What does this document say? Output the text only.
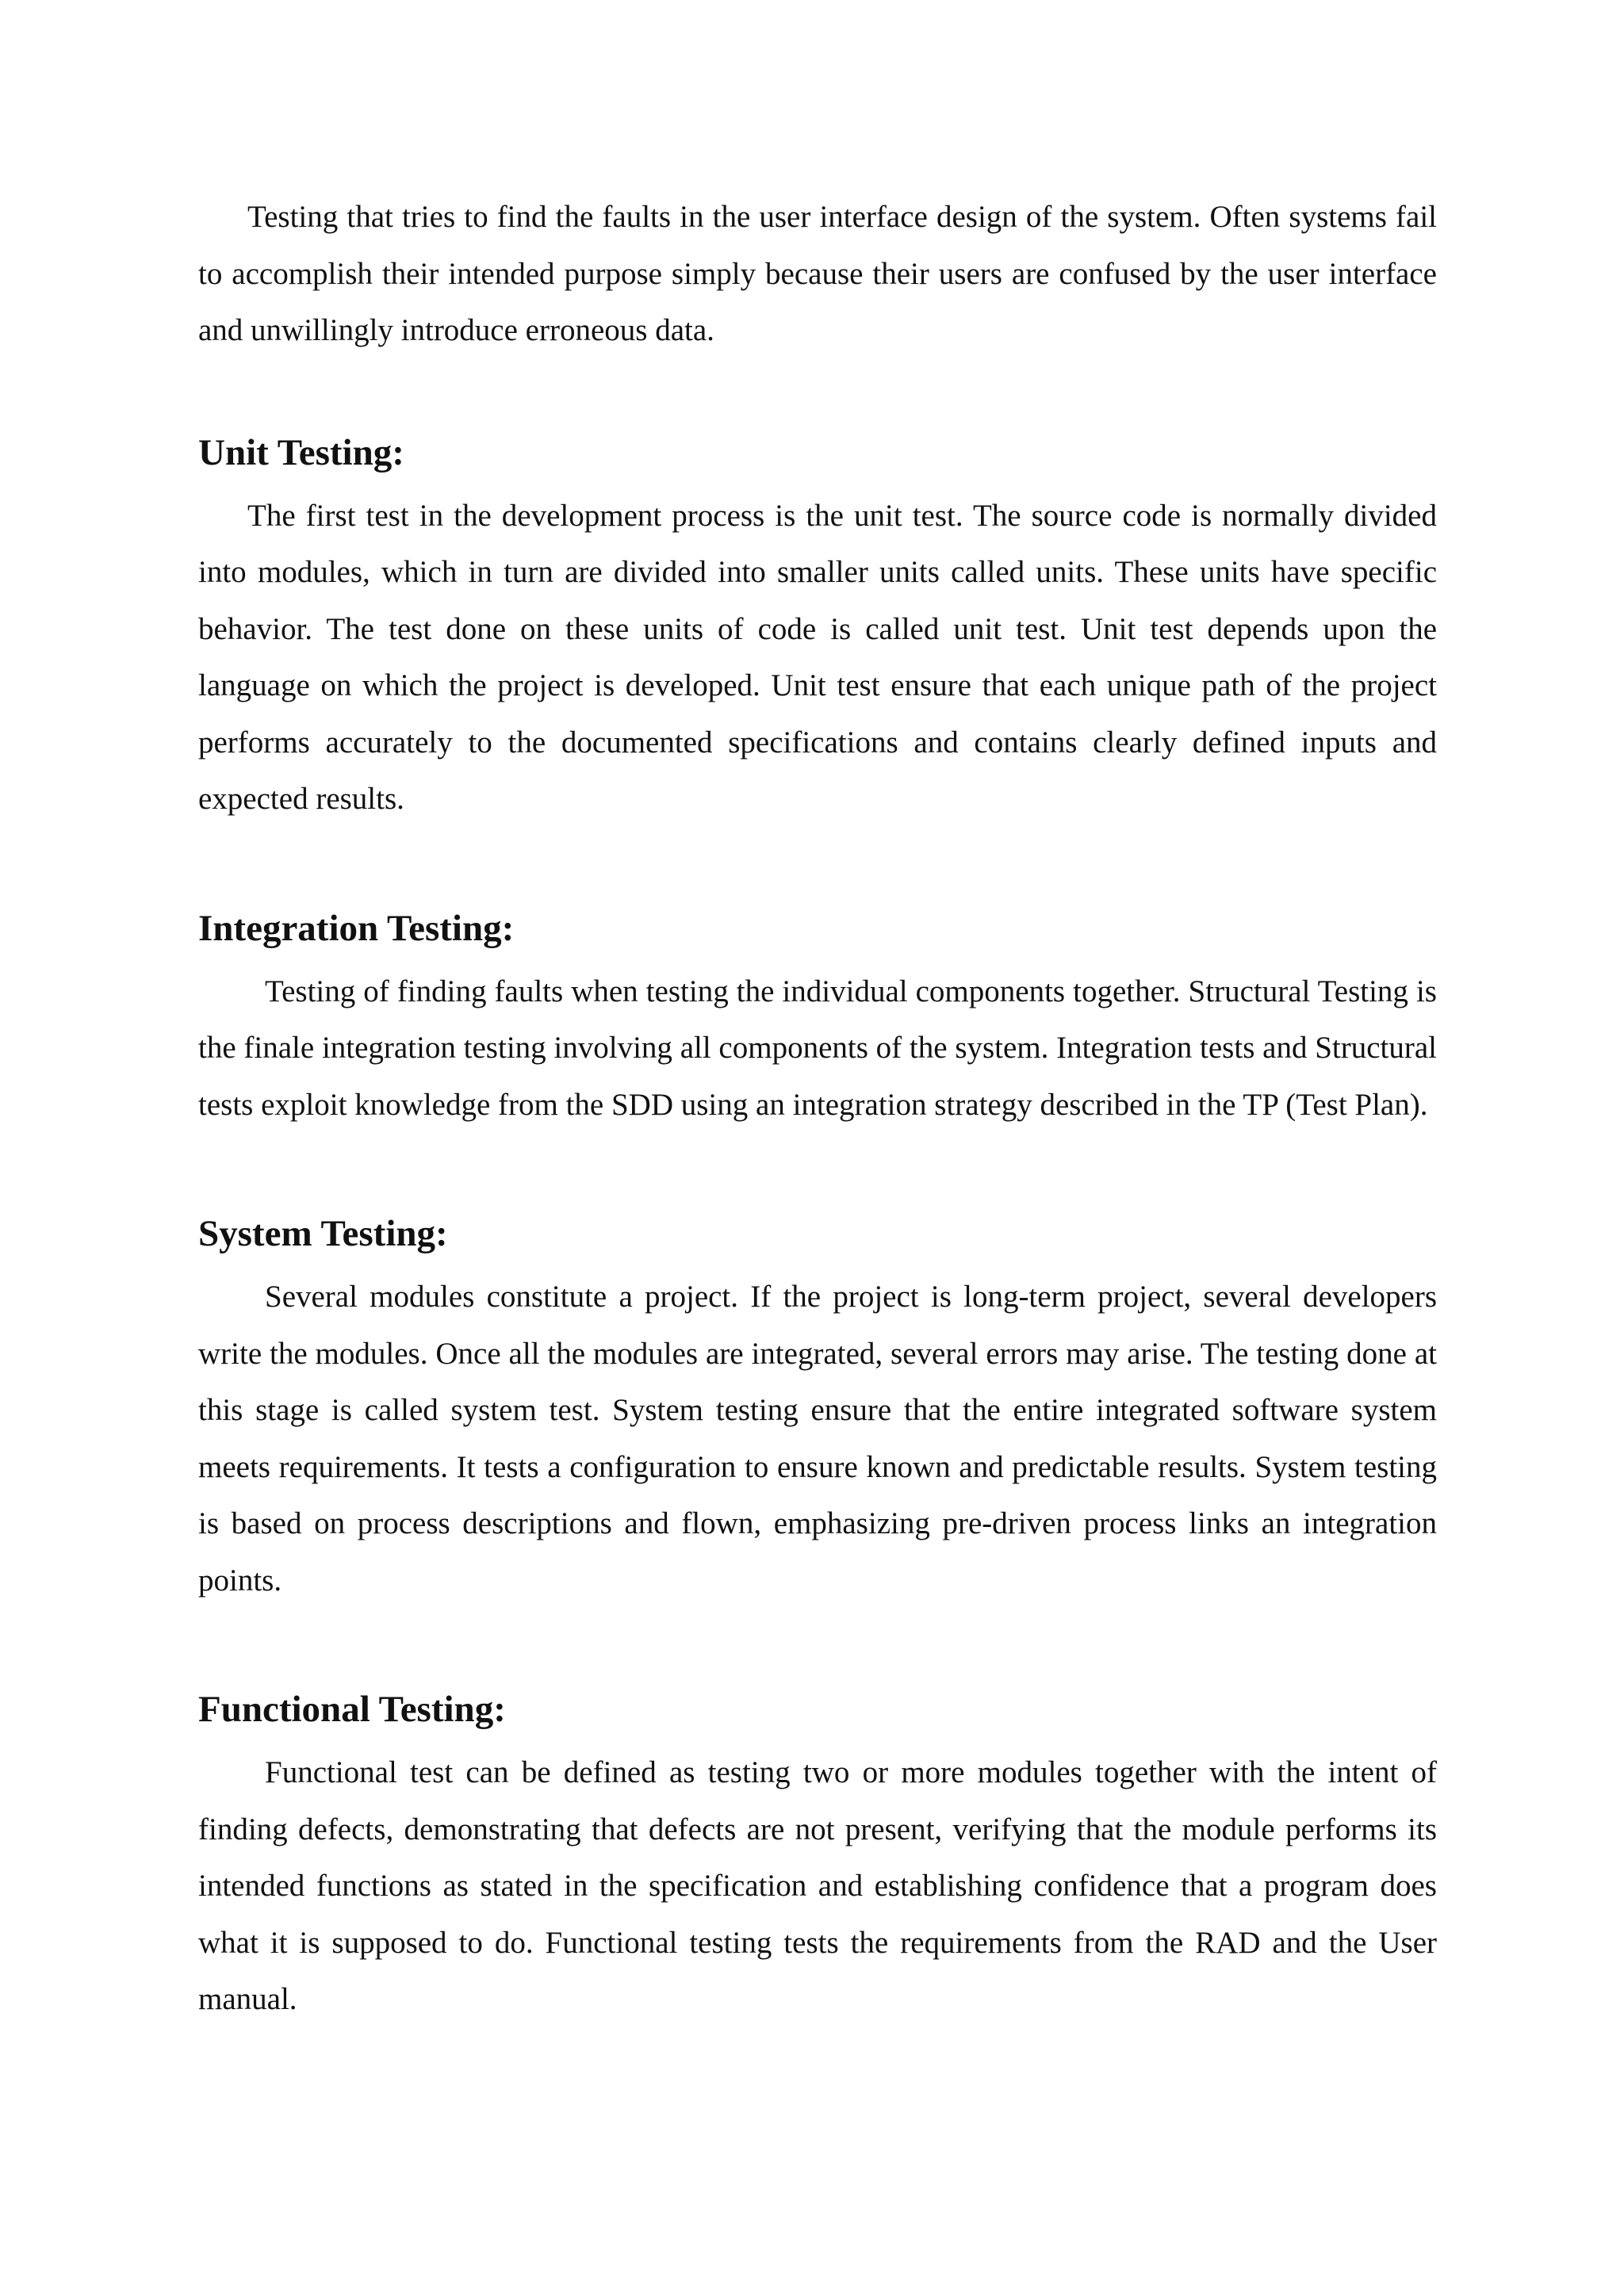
Testing that tries to find the faults in the user interface design of the system. Often systems fail to accomplish their intended purpose simply because their users are confused by the user interface and unwillingly introduce erroneous data.

Unit Testing:

The first test in the development process is the unit test. The source code is normally divided into modules, which in turn are divided into smaller units called units. These units have specific behavior. The test done on these units of code is called unit test. Unit test depends upon the language on which the project is developed. Unit test ensure that each unique path of the project performs accurately to the documented specifications and contains clearly defined inputs and expected results.

Integration Testing:

Testing of finding faults when testing the individual components together. Structural Testing is the finale integration testing involving all components of the system. Integration tests and Structural tests exploit knowledge from the SDD using an integration strategy described in the TP (Test Plan).

System Testing:

Several modules constitute a project. If the project is long-term project, several developers write the modules. Once all the modules are integrated, several errors may arise. The testing done at this stage is called system test. System testing ensure that the entire integrated software system meets requirements. It tests a configuration to ensure known and predictable results. System testing is based on process descriptions and flown, emphasizing pre-driven process links an integration points.

Functional Testing:

Functional test can be defined as testing two or more modules together with the intent of finding defects, demonstrating that defects are not present, verifying that the module performs its intended functions as stated in the specification and establishing confidence that a program does what it is supposed to do. Functional testing tests the requirements from the RAD and the User manual.
